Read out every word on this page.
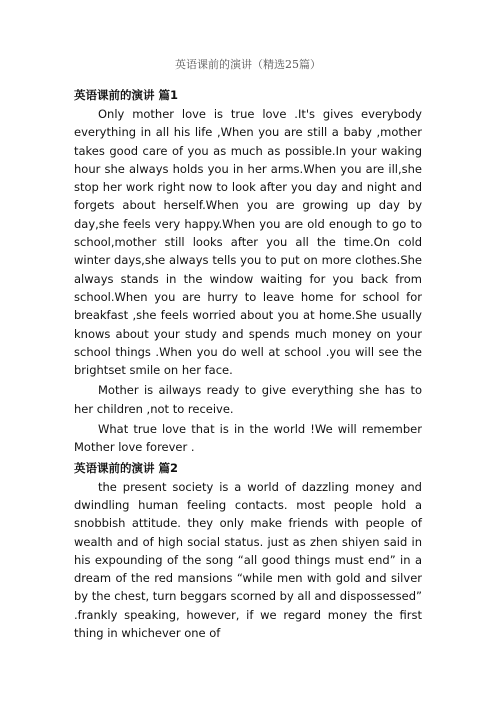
英语课前的演讲（精选25篇）
英语课前的演讲 篇1

Only mother love is true love .It's gives everybody everything in all his life ,When you are still a baby ,mother takes good care of you as much as possible.In your waking hour she always holds you in her arms.When you are ill,she stop her work right now to look after you day and night and forgets about herself.When you are growing up day by day,she feels very happy.When you are old enough to go to school,mother still looks after you all the time.On cold winter days,she always tells you to put on more clothes.She always stands in the window waiting for you back from school.When you are hurry to leave home for school for breakfast ,she feels worried about you at home.She usually knows about your study and spends much money on your school things .When you do well at school .you will see the brightset smile on her face.

Mother is ailways ready to give everything she has to her children ,not to receive.

What true love that is in the world !We will remember Mother love forever .

英语课前的演讲 篇2

the present society is a world of dazzling money and dwindling human feeling contacts. most people hold a snobbish attitude. they only make friends with people of wealth and of high social status. just as zhen shiyen said in his expounding of the song “all good things must end” in a dream of the red mansions “while men with gold and silver by the chest, turn beggars scorned by all and dispossessed” .frankly speaking, however, if we regard money the first thing in whichever one of
